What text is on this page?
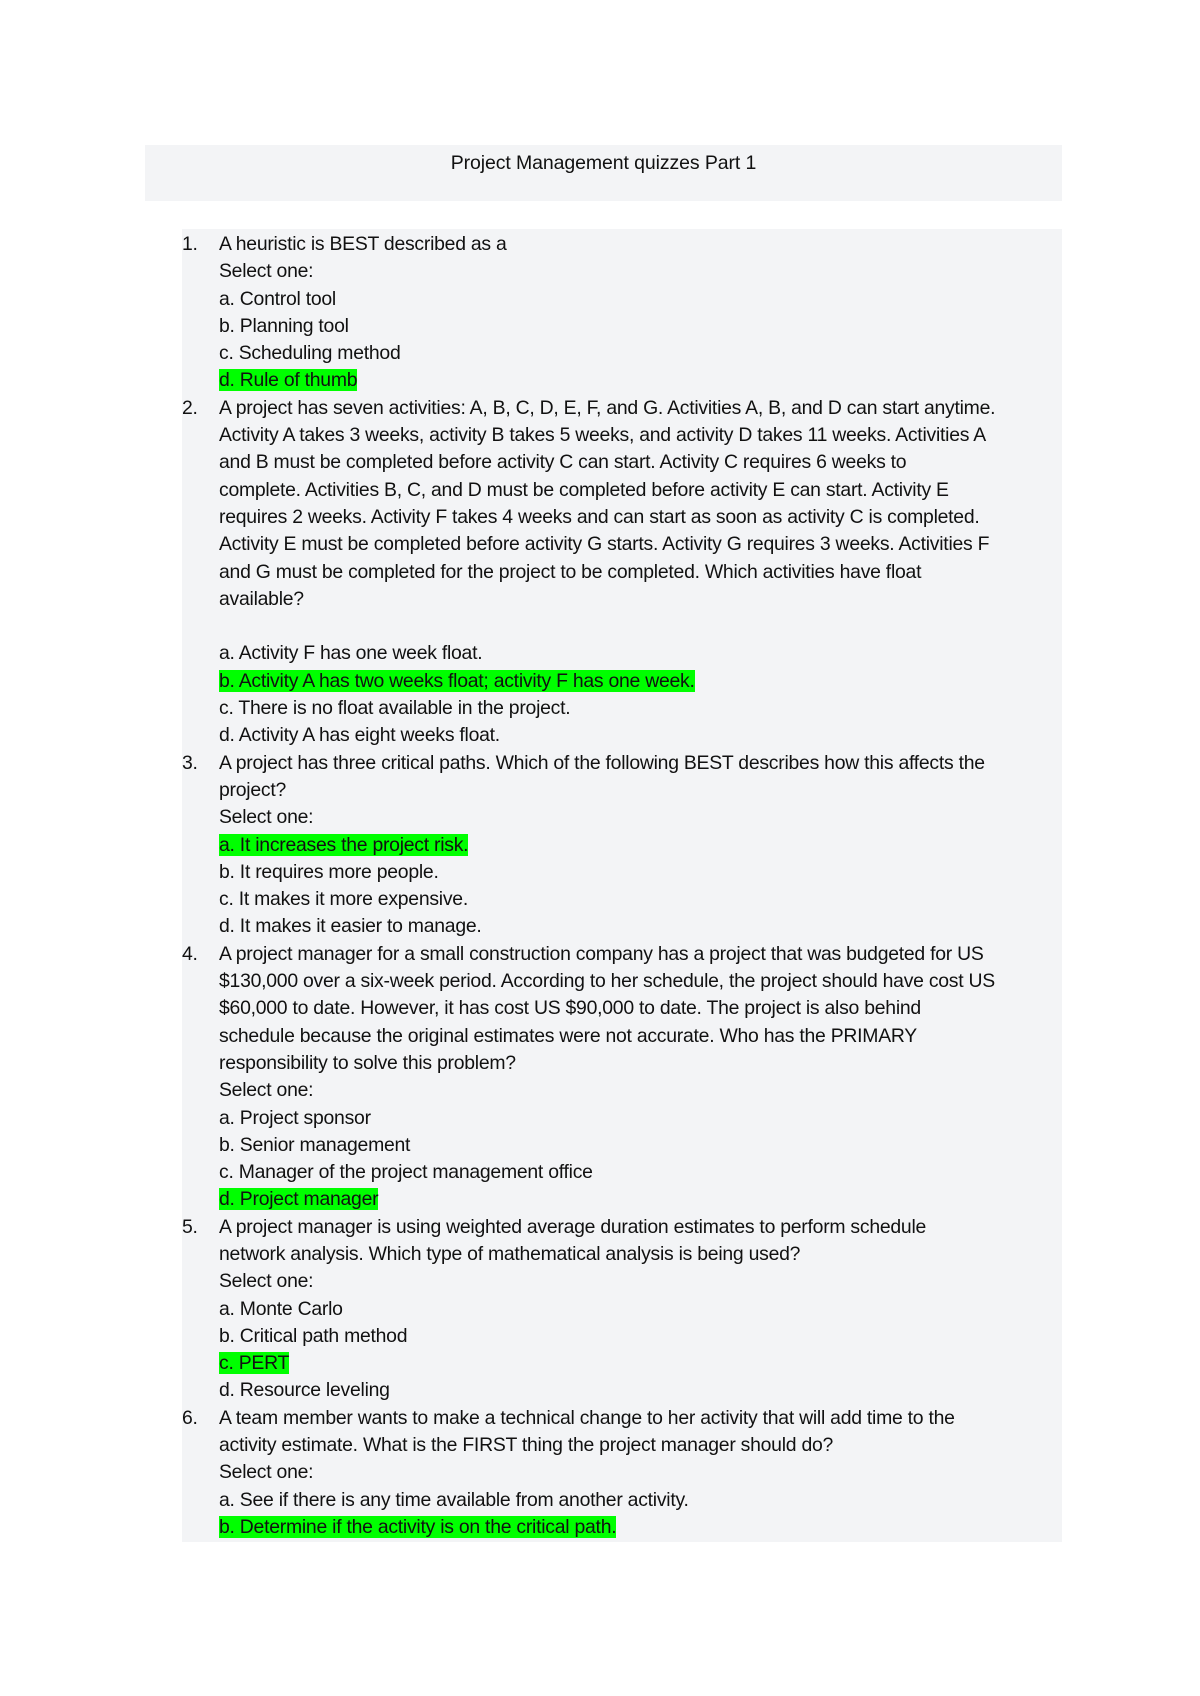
Project Management quizzes Part 1
1. A heuristic is BEST described as a
Select one:
a. Control tool
b. Planning tool
c. Scheduling method
d. Rule of thumb
2. A project has seven activities: A, B, C, D, E, F, and G. Activities A, B, and D can start anytime.
Activity A takes 3 weeks, activity B takes 5 weeks, and activity D takes 11 weeks. Activities A
and B must be completed before activity C can start. Activity C requires 6 weeks to
complete. Activities B, C, and D must be completed before activity E can start. Activity E
requires 2 weeks. Activity F takes 4 weeks and can start as soon as activity C is completed.
Activity E must be completed before activity G starts. Activity G requires 3 weeks. Activities F
and G must be completed for the project to be completed. Which activities have float
available?
a. Activity F has one week float.
b. Activity A has two weeks float; activity F has one week.
c. There is no float available in the project.
d. Activity A has eight weeks float.
3. A project has three critical paths. Which of the following BEST describes how this affects the
project?
Select one:
a. It increases the project risk.
b. It requires more people.
c. It makes it more expensive.
d. It makes it easier to manage.
4. A project manager for a small construction company has a project that was budgeted for US
$130,000 over a six-week period. According to her schedule, the project should have cost US
$60,000 to date. However, it has cost US $90,000 to date. The project is also behind
schedule because the original estimates were not accurate. Who has the PRIMARY
responsibility to solve this problem?
Select one:
a. Project sponsor
b. Senior management
c. Manager of the project management office
d. Project manager
5. A project manager is using weighted average duration estimates to perform schedule
network analysis. Which type of mathematical analysis is being used?
Select one:
a. Monte Carlo
b. Critical path method
c. PERT
d. Resource leveling
6. A team member wants to make a technical change to her activity that will add time to the
activity estimate. What is the FIRST thing the project manager should do?
Select one:
a. See if there is any time available from another activity.
b. Determine if the activity is on the critical path.
